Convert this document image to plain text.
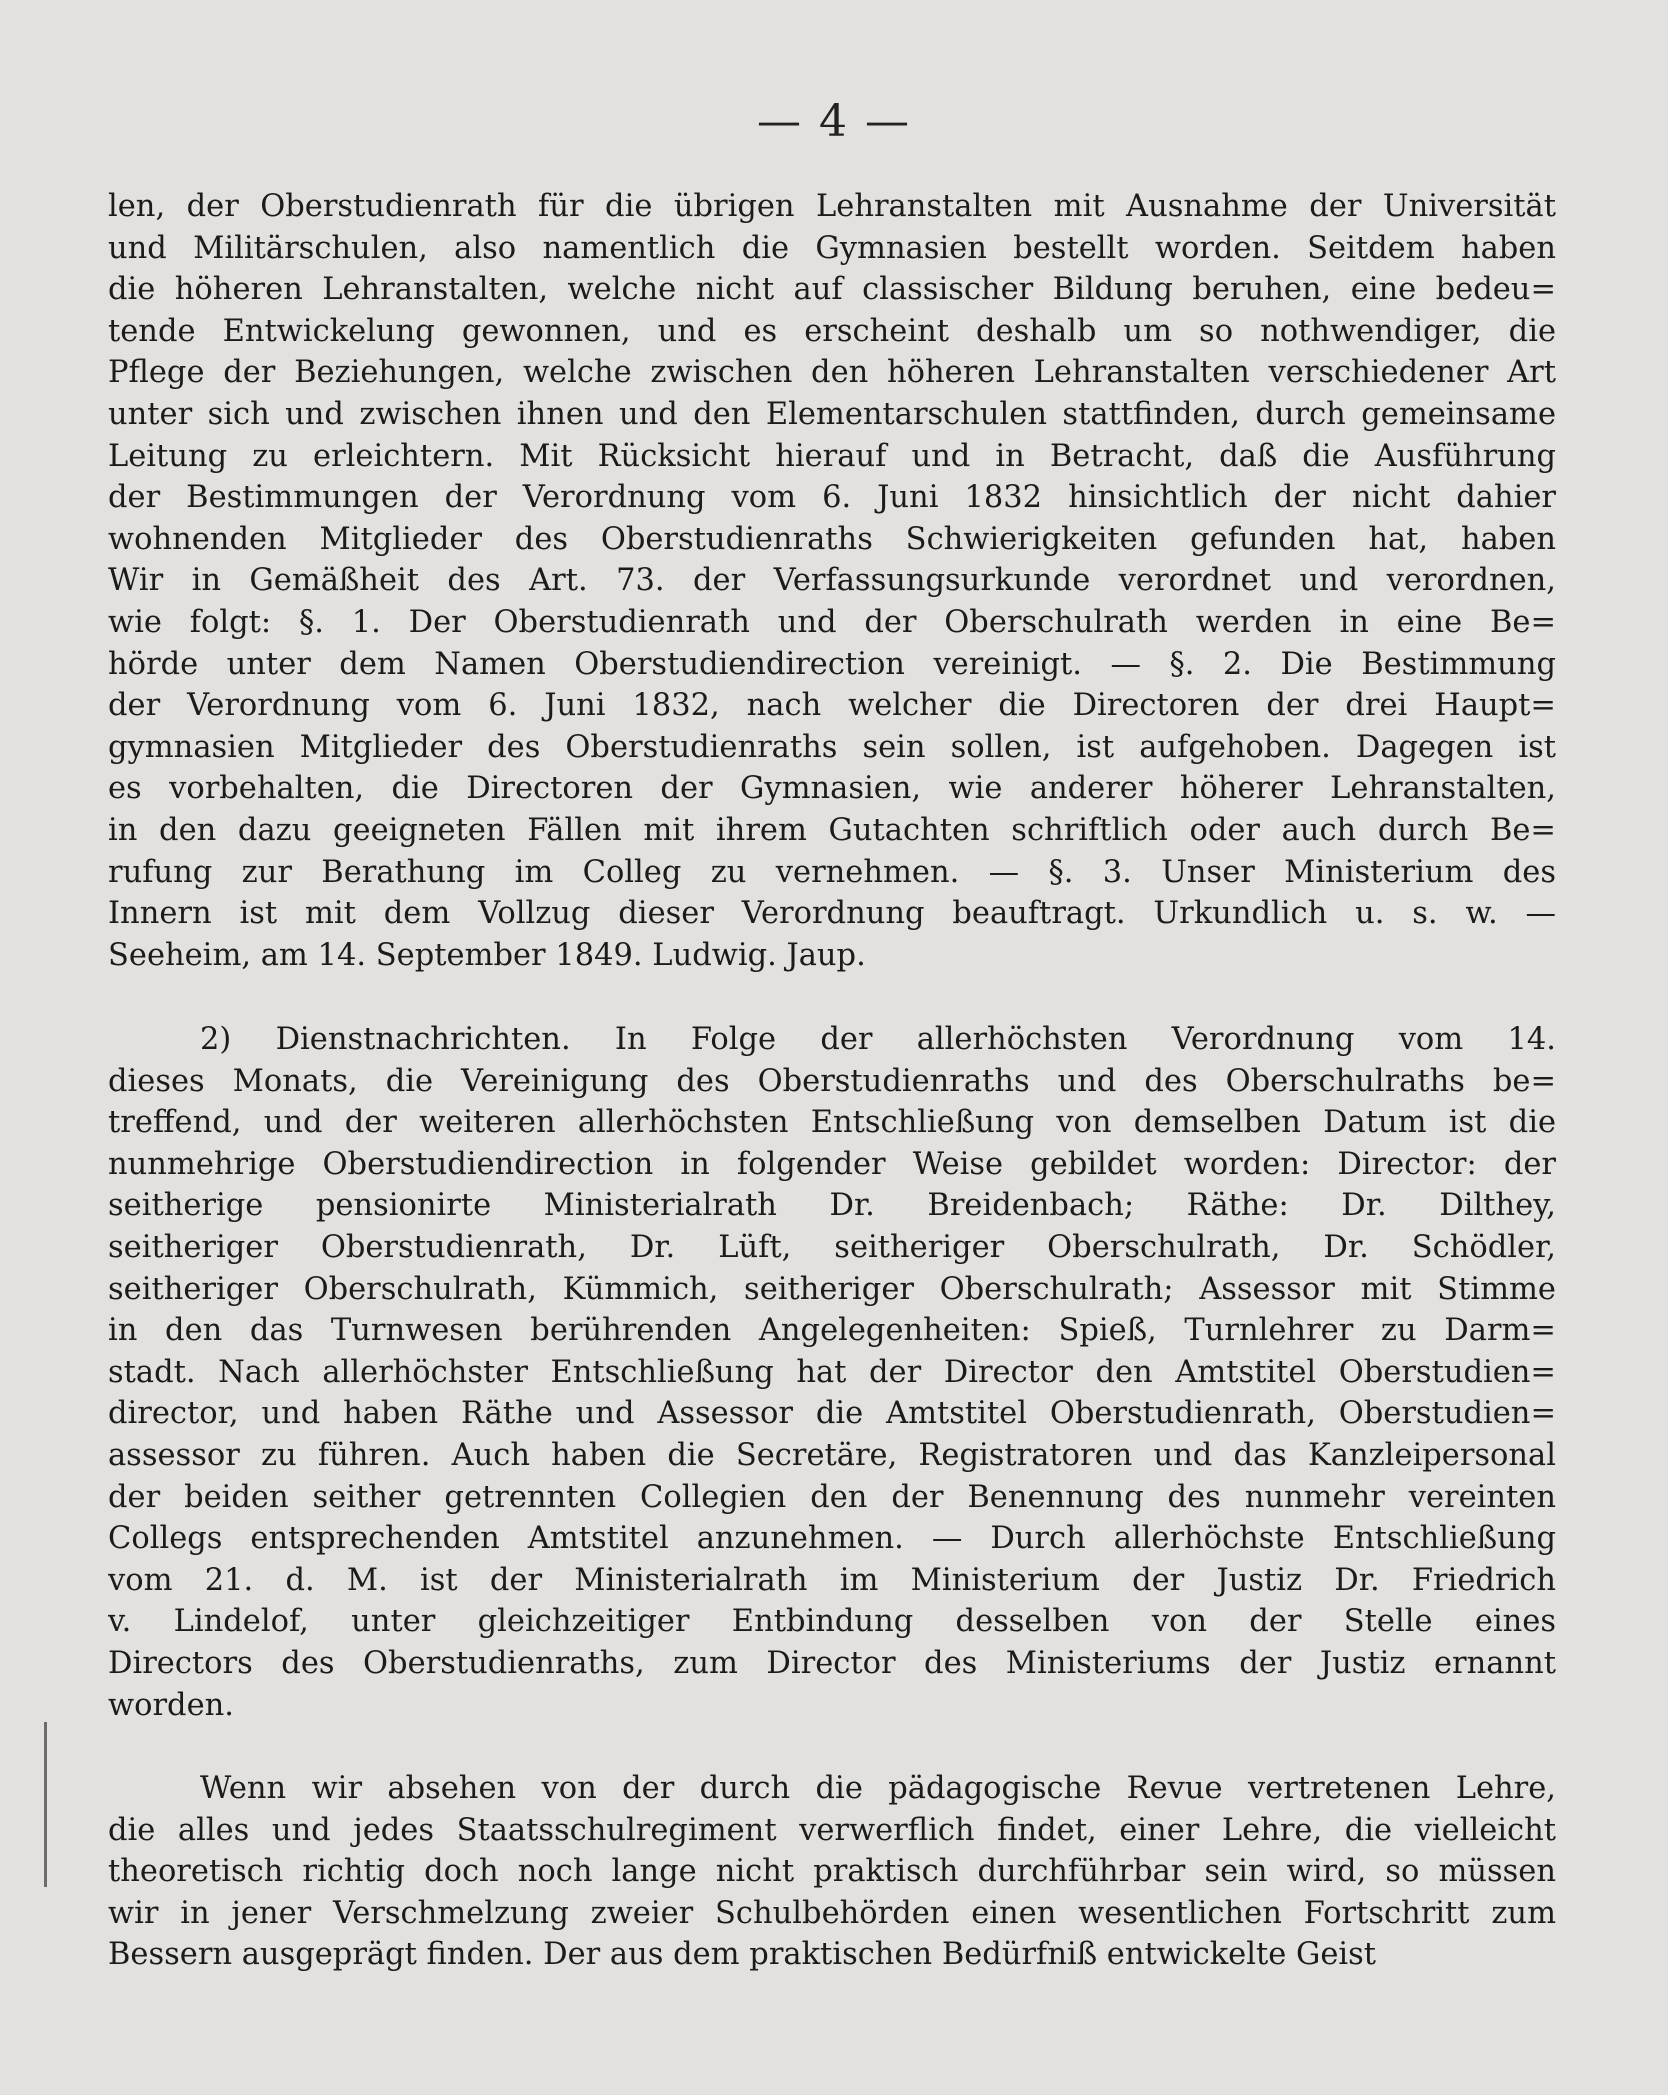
— 4 —
len, der Oberstudienrath für die übrigen Lehranstalten mit Ausnahme der Universität
und Militärschulen, also namentlich die Gymnasien bestellt worden. Seitdem haben
die höheren Lehranstalten, welche nicht auf classischer Bildung beruhen, eine bedeu=
tende Entwickelung gewonnen, und es erscheint deshalb um so nothwendiger, die
Pflege der Beziehungen, welche zwischen den höheren Lehranstalten verschiedener Art
unter sich und zwischen ihnen und den Elementarschulen stattfinden, durch gemeinsame
Leitung zu erleichtern. Mit Rücksicht hierauf und in Betracht, daß die Ausführung
der Bestimmungen der Verordnung vom 6. Juni 1832 hinsichtlich der nicht dahier
wohnenden Mitglieder des Oberstudienraths Schwierigkeiten gefunden hat, haben
Wir in Gemäßheit des Art. 73. der Verfassungsurkunde verordnet und verordnen,
wie folgt: §. 1. Der Oberstudienrath und der Oberschulrath werden in eine Be=
hörde unter dem Namen Oberstudiendirection vereinigt. — §. 2. Die Bestimmung
der Verordnung vom 6. Juni 1832, nach welcher die Directoren der drei Haupt=
gymnasien Mitglieder des Oberstudienraths sein sollen, ist aufgehoben. Dagegen ist
es vorbehalten, die Directoren der Gymnasien, wie anderer höherer Lehranstalten,
in den dazu geeigneten Fällen mit ihrem Gutachten schriftlich oder auch durch Be=
rufung zur Berathung im Colleg zu vernehmen. — §. 3. Unser Ministerium des
Innern ist mit dem Vollzug dieser Verordnung beauftragt. Urkundlich u. s. w. —
Seeheim, am 14. September 1849. Ludwig. Jaup.
2) Dienstnachrichten. In Folge der allerhöchsten Verordnung vom 14.
dieses Monats, die Vereinigung des Oberstudienraths und des Oberschulraths be=
treffend, und der weiteren allerhöchsten Entschließung von demselben Datum ist die
nunmehrige Oberstudiendirection in folgender Weise gebildet worden: Director: der
seitherige pensionirte Ministerialrath Dr. Breidenbach; Räthe: Dr. Dilthey,
seitheriger Oberstudienrath, Dr. Lüft, seitheriger Oberschulrath, Dr. Schödler,
seitheriger Oberschulrath, Kümmich, seitheriger Oberschulrath; Assessor mit Stimme
in den das Turnwesen berührenden Angelegenheiten: Spieß, Turnlehrer zu Darm=
stadt. Nach allerhöchster Entschließung hat der Director den Amtstitel Oberstudien=
director, und haben Räthe und Assessor die Amtstitel Oberstudienrath, Oberstudien=
assessor zu führen. Auch haben die Secretäre, Registratoren und das Kanzleipersonal
der beiden seither getrennten Collegien den der Benennung des nunmehr vereinten
Collegs entsprechenden Amtstitel anzunehmen. — Durch allerhöchste Entschließung
vom 21. d. M. ist der Ministerialrath im Ministerium der Justiz Dr. Friedrich
v. Lindelof, unter gleichzeitiger Entbindung desselben von der Stelle eines
Directors des Oberstudienraths, zum Director des Ministeriums der Justiz ernannt
worden.
Wenn wir absehen von der durch die pädagogische Revue vertretenen Lehre,
die alles und jedes Staatsschulregiment verwerflich findet, einer Lehre, die vielleicht
theoretisch richtig doch noch lange nicht praktisch durchführbar sein wird, so müssen
wir in jener Verschmelzung zweier Schulbehörden einen wesentlichen Fortschritt zum
Bessern ausgeprägt finden. Der aus dem praktischen Bedürfniß entwickelte Geist
